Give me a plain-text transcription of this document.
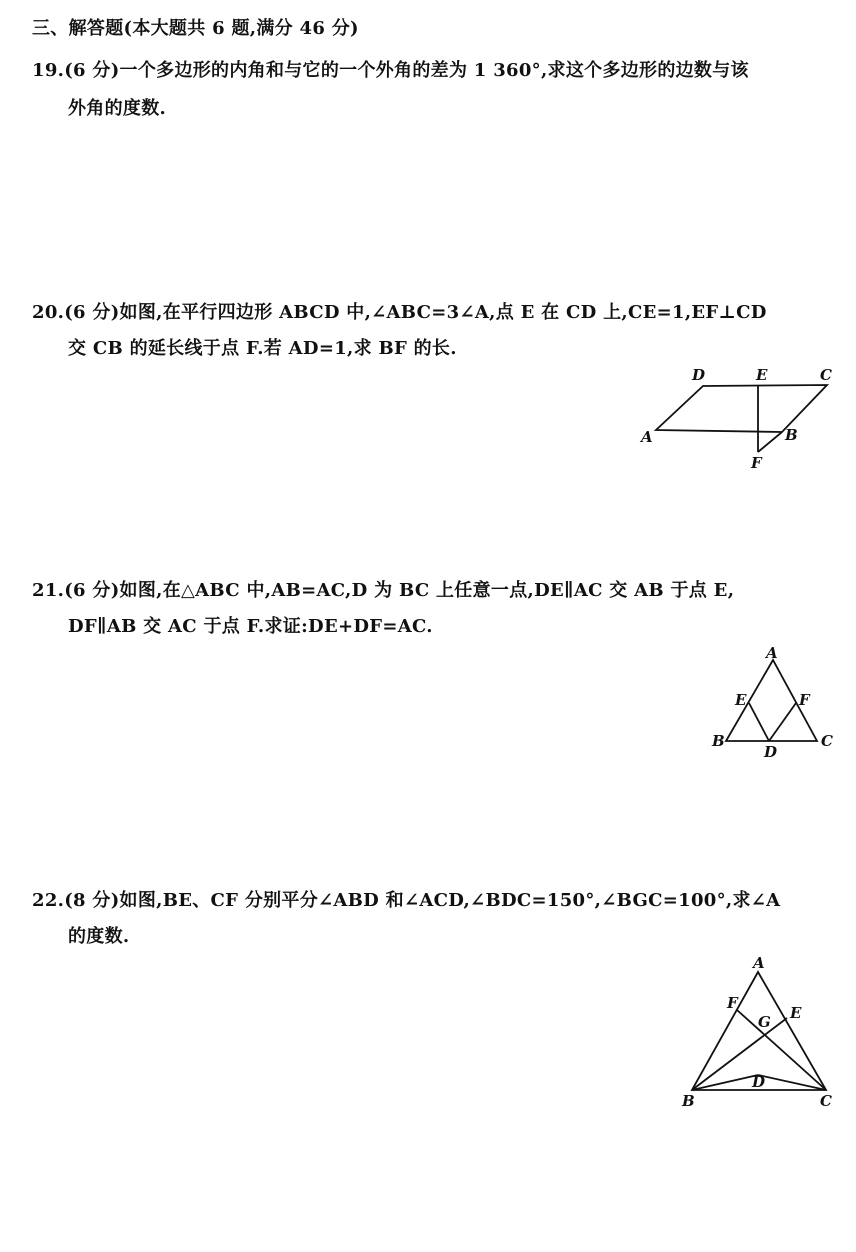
三、解答题(本大题共 6 题,满分 46 分)
19.(6 分)一个多边形的内角和与它的一个外角的差为 1 360°,求这个多边形的边数与该
外角的度数.
20.(6 分)如图,在平行四边形 ABCD 中,∠ABC=3∠A,点 E 在 CD 上,CE=1,EF⊥CD
交 CB 的延长线于点 F.若 AD=1,求 BF 的长.
A
D	E	C
B
F
21.(6 分)如图,在△ABC 中,AB=AC,D 为 BC 上任意一点,DE∥AC 交 AB 于点 E,
DF∥AB 交 AC 于点 F.求证:DE+DF=AC.
A
E	F
B
D
C
22.(8 分)如图,BE、CF 分别平分∠ABD 和∠ACD,∠BDC=150°,∠BGC=100°,求∠A
的度数.
A
F
G E
D
B	C
